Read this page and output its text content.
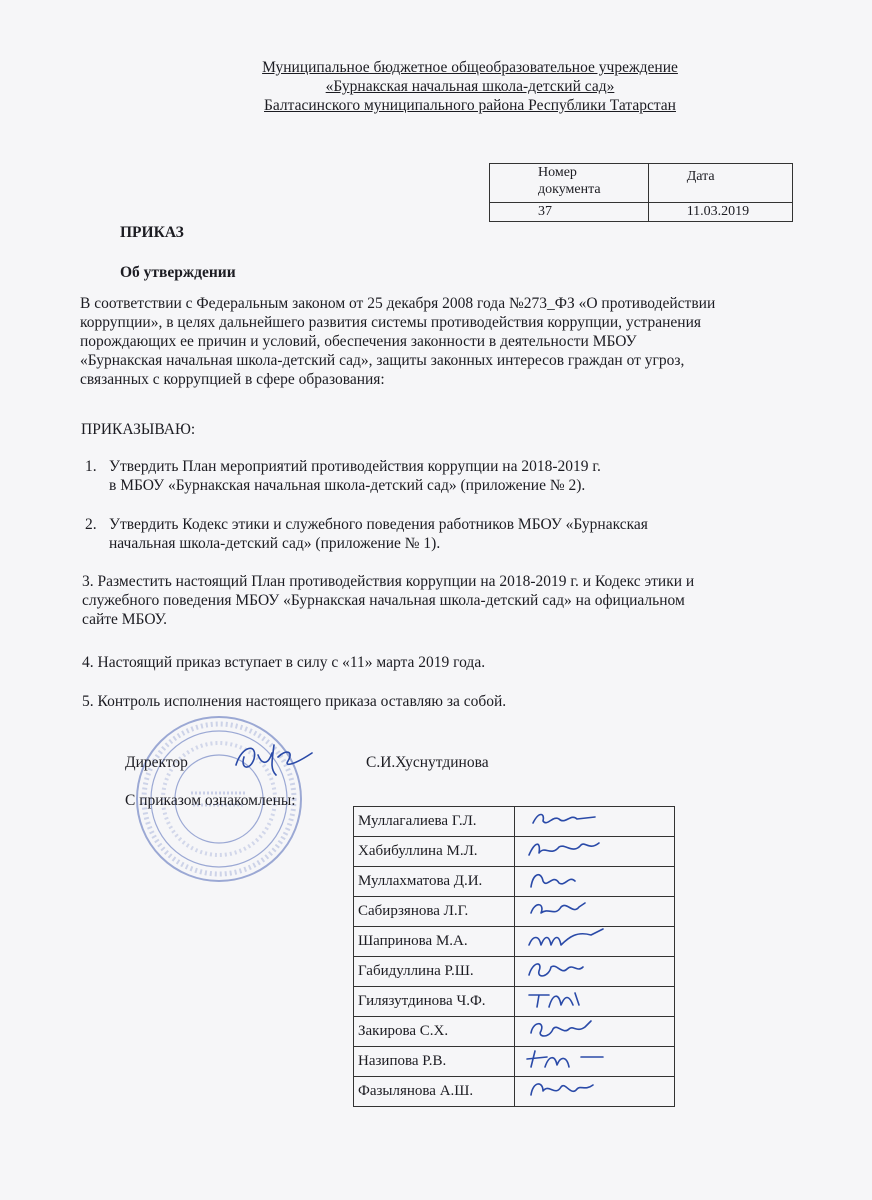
Муниципальное бюджетное общеобразовательное учреждение
«Бурнакская начальная школа-детский сад»
Балтасинского муниципального района Республики Татарстан
Номер
документа	Дата
37	11.03.2019
ПРИКАЗ
Об утверждении
В соответствии с Федеральным законом от 25 декабря 2008 года №273_ФЗ «О противодействии
коррупции», в целях дальнейшего развития системы противодействия коррупции, устранения
порождающих ее причин и условий, обеспечения законности в деятельности МБОУ
«Бурнакская начальная школа-детский сад», защиты законных интересов граждан от угроз,
связанных с коррупцией в сфере образования:
ПРИКАЗЫВАЮ:
1. Утвердить План мероприятий противодействия коррупции на 2018-2019 г.
в МБОУ «Бурнакская начальная школа-детский сад» (приложение № 2).
2. Утвердить Кодекс этики и служебного поведения работников МБОУ «Бурнакская
начальная школа-детский сад» (приложение № 1).
3. Разместить настоящий План противодействия коррупции на 2018-2019 г. и Кодекс этики и
служебного поведения МБОУ «Бурнакская начальная школа-детский сад» на официальном
сайте МБОУ.
4. Настоящий приказ вступает в силу с «11» марта 2019 года.
5. Контроль исполнения настоящего приказа оставляю за собой.
Директор	С.И.Хуснутдинова
С приказом ознакомлены:
Муллагалиева Г.Л.	
Хабибуллина М.Л.	
Муллахматова Д.И.	
Сабирзянова Л.Г.	
Шапринова М.А.	
Габидуллина Р.Ш.	
Гилязутдинова Ч.Ф.	
Закирова С.Х.	
Назипова Р.В.	
Фазылянова А.Ш.	
